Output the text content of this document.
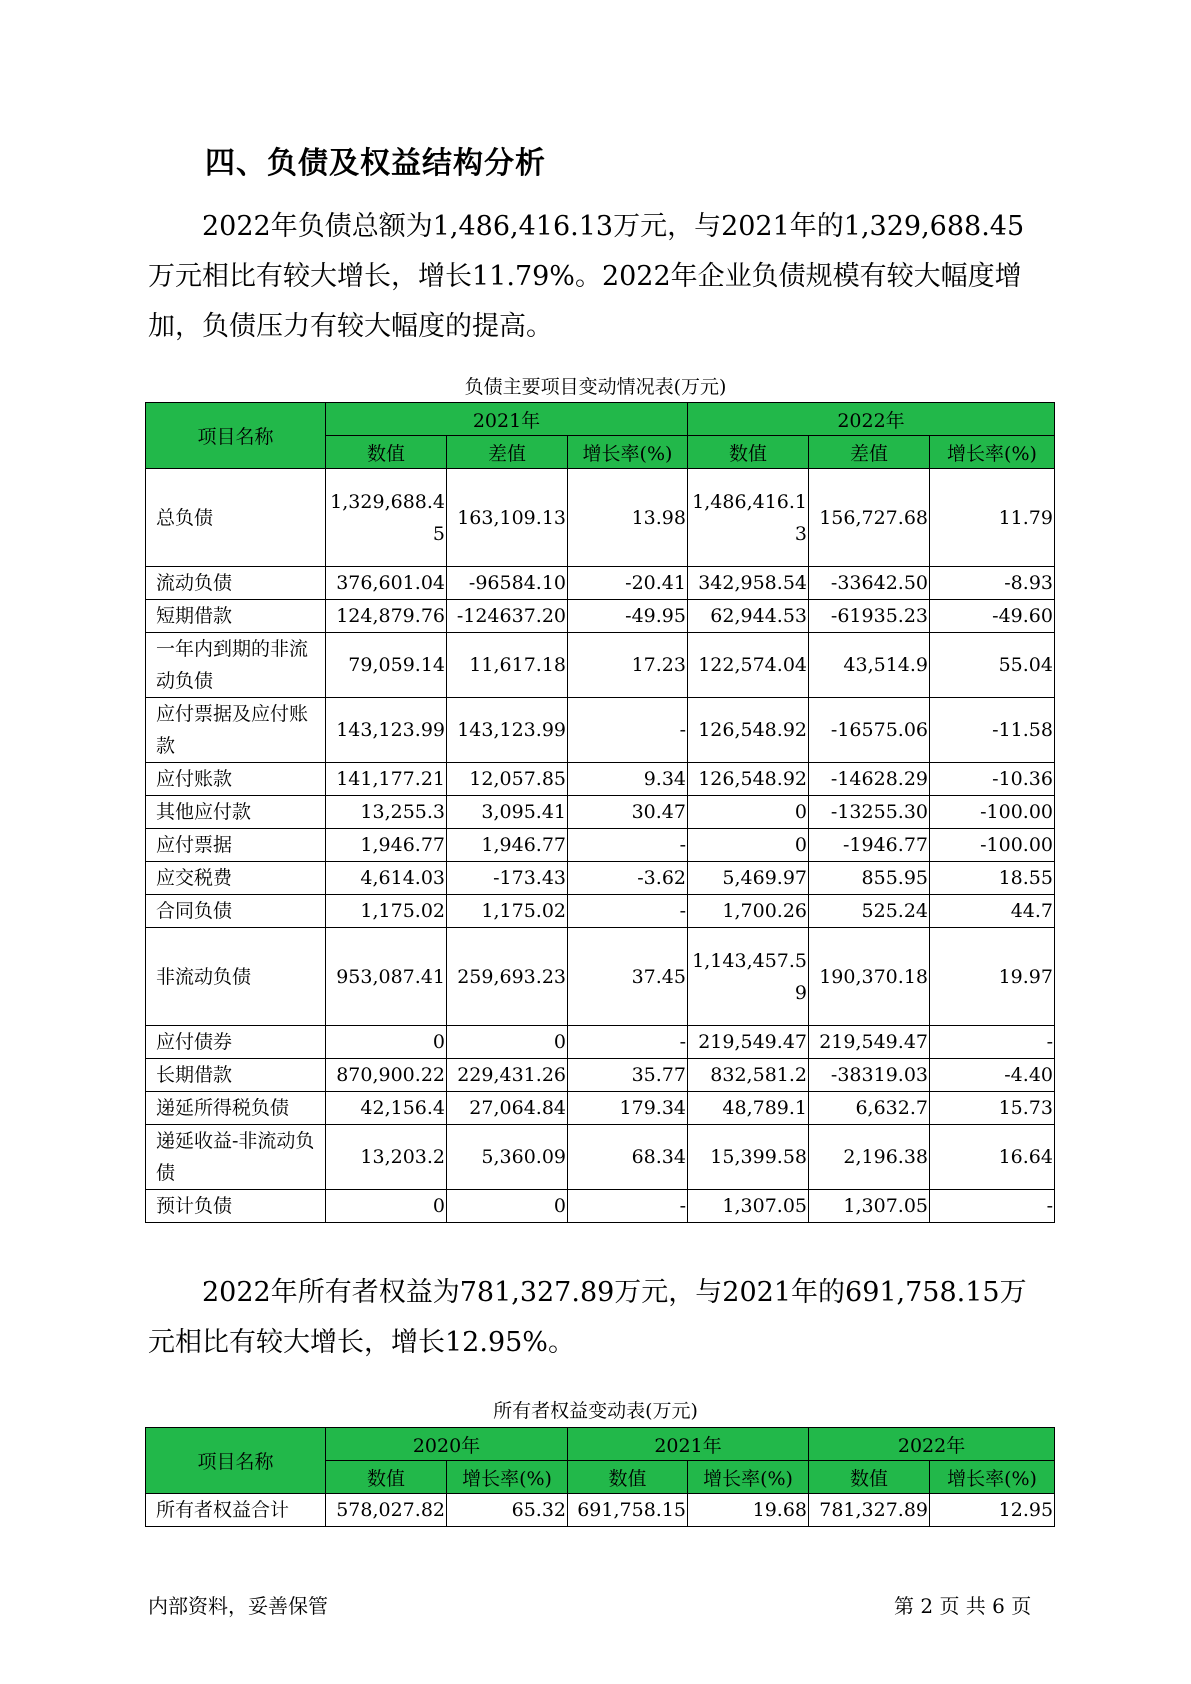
四、负债及权益结构分析

2022年负债总额为1,486,416.13万元，与2021年的1,329,688.45万元相比有较大增长，增长11.79%。2022年企业负债规模有较大幅度增加，负债压力有较大幅度的提高。

负债主要项目变动情况表(万元)
项目名称	2021年			2022年		
	数值	差值	增长率(%)	数值	差值	增长率(%)
总负债	1,329,688.45	163,109.13	13.98	1,486,416.13	156,727.68	11.79
流动负债	376,601.04	-96584.10	-20.41	342,958.54	-33642.50	-8.93
短期借款	124,879.76	-124637.20	-49.95	62,944.53	-61935.23	-49.60
一年内到期的非流动负债	79,059.14	11,617.18	17.23	122,574.04	43,514.9	55.04
应付票据及应付账款	143,123.99	143,123.99	-	126,548.92	-16575.06	-11.58
应付账款	141,177.21	12,057.85	9.34	126,548.92	-14628.29	-10.36
其他应付款	13,255.3	3,095.41	30.47	0	-13255.30	-100.00
应付票据	1,946.77	1,946.77	-	0	-1946.77	-100.00
应交税费	4,614.03	-173.43	-3.62	5,469.97	855.95	18.55
合同负债	1,175.02	1,175.02	-	1,700.26	525.24	44.7
非流动负债	953,087.41	259,693.23	37.45	1,143,457.59	190,370.18	19.97
应付债券	0	0	-	219,549.47	219,549.47	-
长期借款	870,900.22	229,431.26	35.77	832,581.2	-38319.03	-4.40
递延所得税负债	42,156.4	27,064.84	179.34	48,789.1	6,632.7	15.73
递延收益-非流动负债	13,203.2	5,360.09	68.34	15,399.58	2,196.38	16.64
预计负债	0	0	-	1,307.05	1,307.05	-

2022年所有者权益为781,327.89万元，与2021年的691,758.15万元相比有较大增长，增长12.95%。

所有者权益变动表(万元)
项目名称	2020年		2021年		2022年	
	数值	增长率(%)	数值	增长率(%)	数值	增长率(%)
所有者权益合计	578,027.82	65.32	691,758.15	19.68	781,327.89	12.95
内部资料，妥善保管	第 2 页 共 6 页
